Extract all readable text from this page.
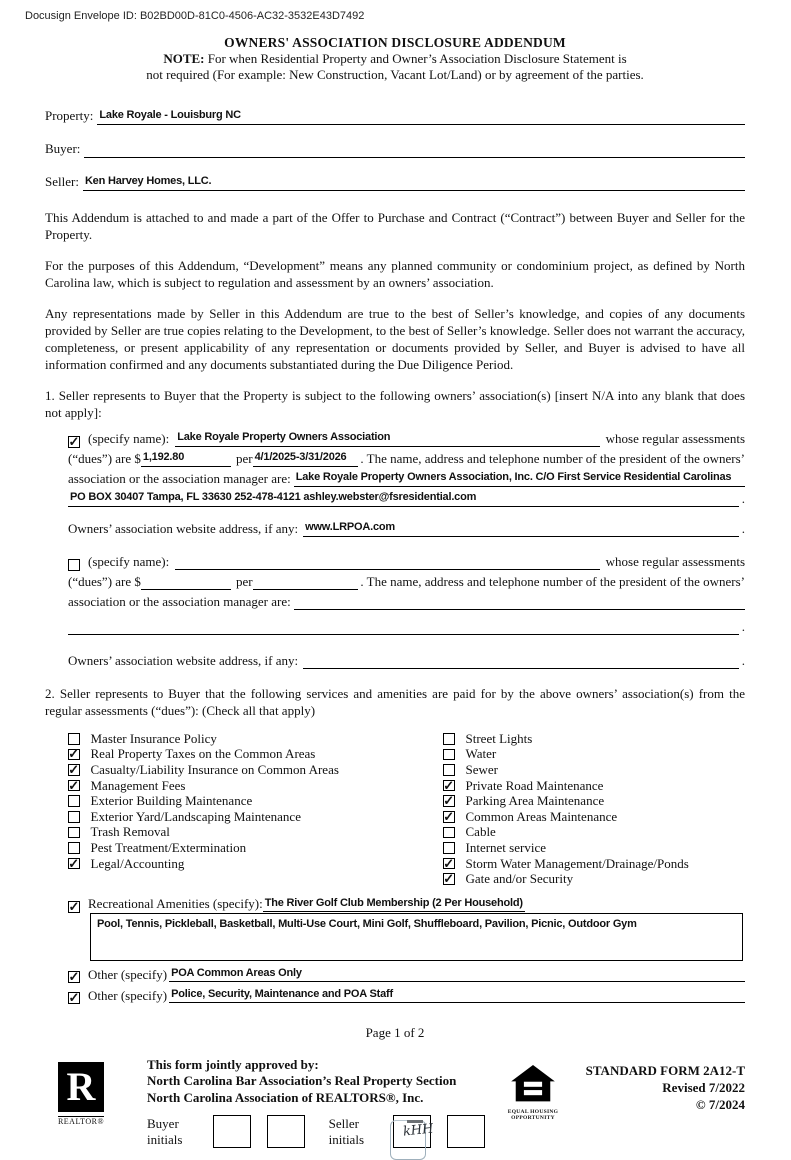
Docusign Envelope ID: B02BD00D-81C0-4506-AC32-3532E43D7492
OWNERS' ASSOCIATION DISCLOSURE ADDENDUM
NOTE: For when Residential Property and Owner’s Association Disclosure Statement is
not required (For example: New Construction, Vacant Lot/Land) or by agreement of the parties.
Property: Lake Royale - Louisburg NC
Buyer:
Seller: Ken Harvey Homes, LLC.
This Addendum is attached to and made a part of the Offer to Purchase and Contract (“Contract”) between Buyer and Seller for the Property.
For the purposes of this Addendum, “Development” means any planned community or condominium project, as defined by North Carolina law, which is subject to regulation and assessment by an owners’ association.
Any representations made by Seller in this Addendum are true to the best of Seller’s knowledge, and copies of any documents provided by Seller are true copies relating to the Development, to the best of Seller’s knowledge. Seller does not warrant the accuracy, completeness, or present applicability of any representation or documents provided by Seller, and Buyer is advised to have all information confirmed and any documents substantiated during the Due Diligence Period.
1. Seller represents to Buyer that the Property is subject to the following owners’ association(s) [insert N/A into any blank that does not apply]:
✓ (specify name): Lake Royale Property Owners Association	whose regular assessments
(“dues”) are $ 1,192.80	per 4/1/2025-3/31/2026	. The name, address and telephone number of the president of the owners’
association or the association manager are: Lake Royale Property Owners Association, Inc. C/O First Service Residential Carolinas
PO BOX 30407 Tampa, FL 33630 252-478-4121 ashley.webster@fsresidential.com	.
Owners’ association website address, if any: www.LRPOA.com	.
(specify name):	whose regular assessments
(“dues”) are $	per	. The name, address and telephone number of the president of the owners’
association or the association manager are:
.
Owners’ association website address, if any:	.
2. Seller represents to Buyer that the following services and amenities are paid for by the above owners’ association(s) from the regular assessments (“dues”): (Check all that apply)
Master Insurance Policy
✓ Real Property Taxes on the Common Areas
✓ Casualty/Liability Insurance on Common Areas
✓ Management Fees
Exterior Building Maintenance
Exterior Yard/Landscaping Maintenance
Trash Removal
Pest Treatment/Extermination
✓ Legal/Accounting
Street Lights
Water
Sewer
✓ Private Road Maintenance
✓ Parking Area Maintenance
✓ Common Areas Maintenance
Cable
Internet service
✓ Storm Water Management/Drainage/Ponds
✓ Gate and/or Security
✓ Recreational Amenities (specify): The River Golf Club Membership (2 Per Household)
Pool, Tennis, Pickleball, Basketball, Multi-Use Court, Mini Golf, Shuffleboard, Pavilion, Picnic, Outdoor Gym
✓ Other (specify) POA Common Areas Only
✓ Other (specify) Police, Security, Maintenance and POA Staff
Page 1 of 2
R
REALTOR®
This form jointly approved by:
North Carolina Bar Association’s Real Property Section
North Carolina Association of REALTORS®, Inc.
Buyer initials
Seller initials	kHH
EQUAL HOUSING
OPPORTUNITY
STANDARD FORM 2A12-T
Revised 7/2022
© 7/2024
